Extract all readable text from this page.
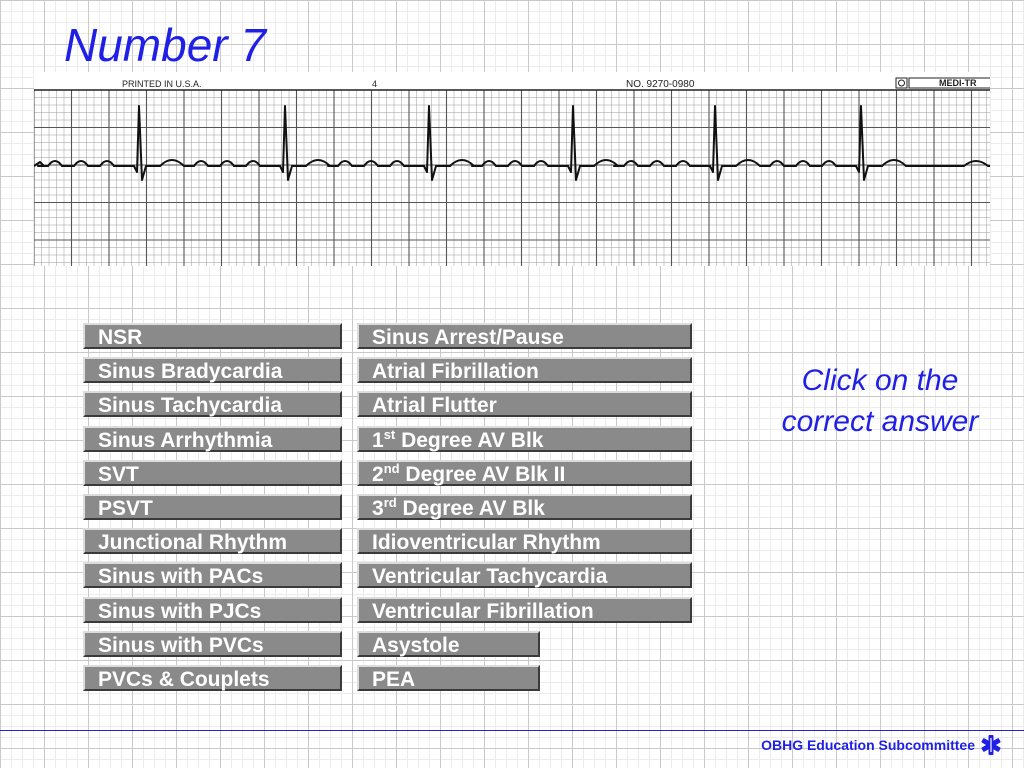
Number 7
PRINTED IN U.S.A.	4	NO. 9270-0980	MEDI-TR
NSR
Sinus Bradycardia
Sinus Tachycardia
Sinus Arrhythmia
SVT
PSVT
Junctional Rhythm
Sinus with PACs
Sinus with PJCs
Sinus with PVCs
PVCs & Couplets
Sinus Arrest/Pause
Atrial Fibrillation
Atrial Flutter
1st Degree AV Blk
2nd Degree AV Blk II
3rd Degree AV Blk
Idioventricular Rhythm
Ventricular Tachycardia
Ventricular Fibrillation
Asystole
PEA
Click on the correct answer
OBHG Education Subcommittee
